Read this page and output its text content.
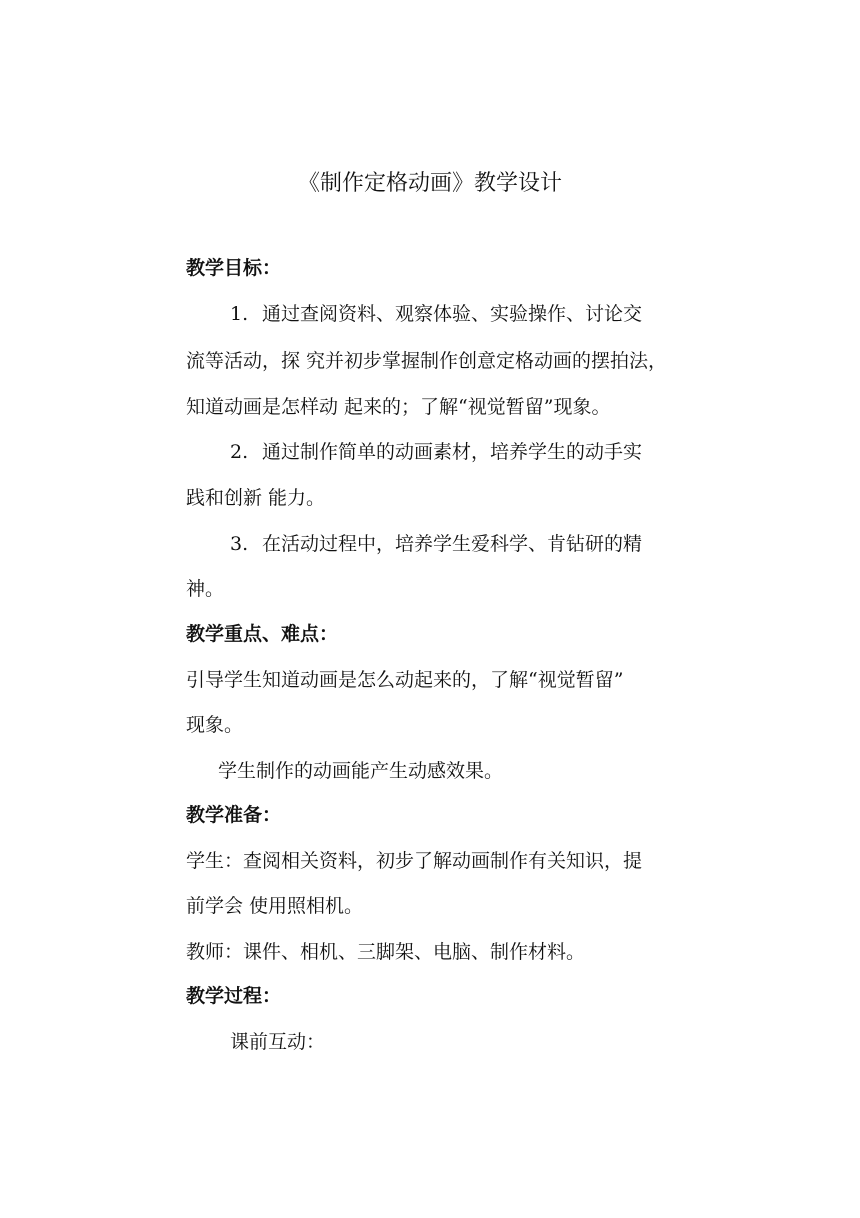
《制作定格动画》教学设计
教学目标：
1. 通过查阅资料、观察体验、实验操作、讨论交
流等活动，探 究并初步掌握制作创意定格动画的摆拍法，
知道动画是怎样动 起来的；了解“视觉暂留”现象。
2. 通过制作简单的动画素材，培养学生的动手实
践和创新 能力。
3. 在活动过程中，培养学生爱科学、肯钻研的精
神。
教学重点、难点：
引导学生知道动画是怎么动起来的，了解“视觉暂留”
现象。
学生制作的动画能产生动感效果。
教学准备：
学生：查阅相关资料，初步了解动画制作有关知识，提
前学会 使用照相机。
教师：课件、相机、三脚架、电脑、制作材料。
教学过程：
课前互动：
